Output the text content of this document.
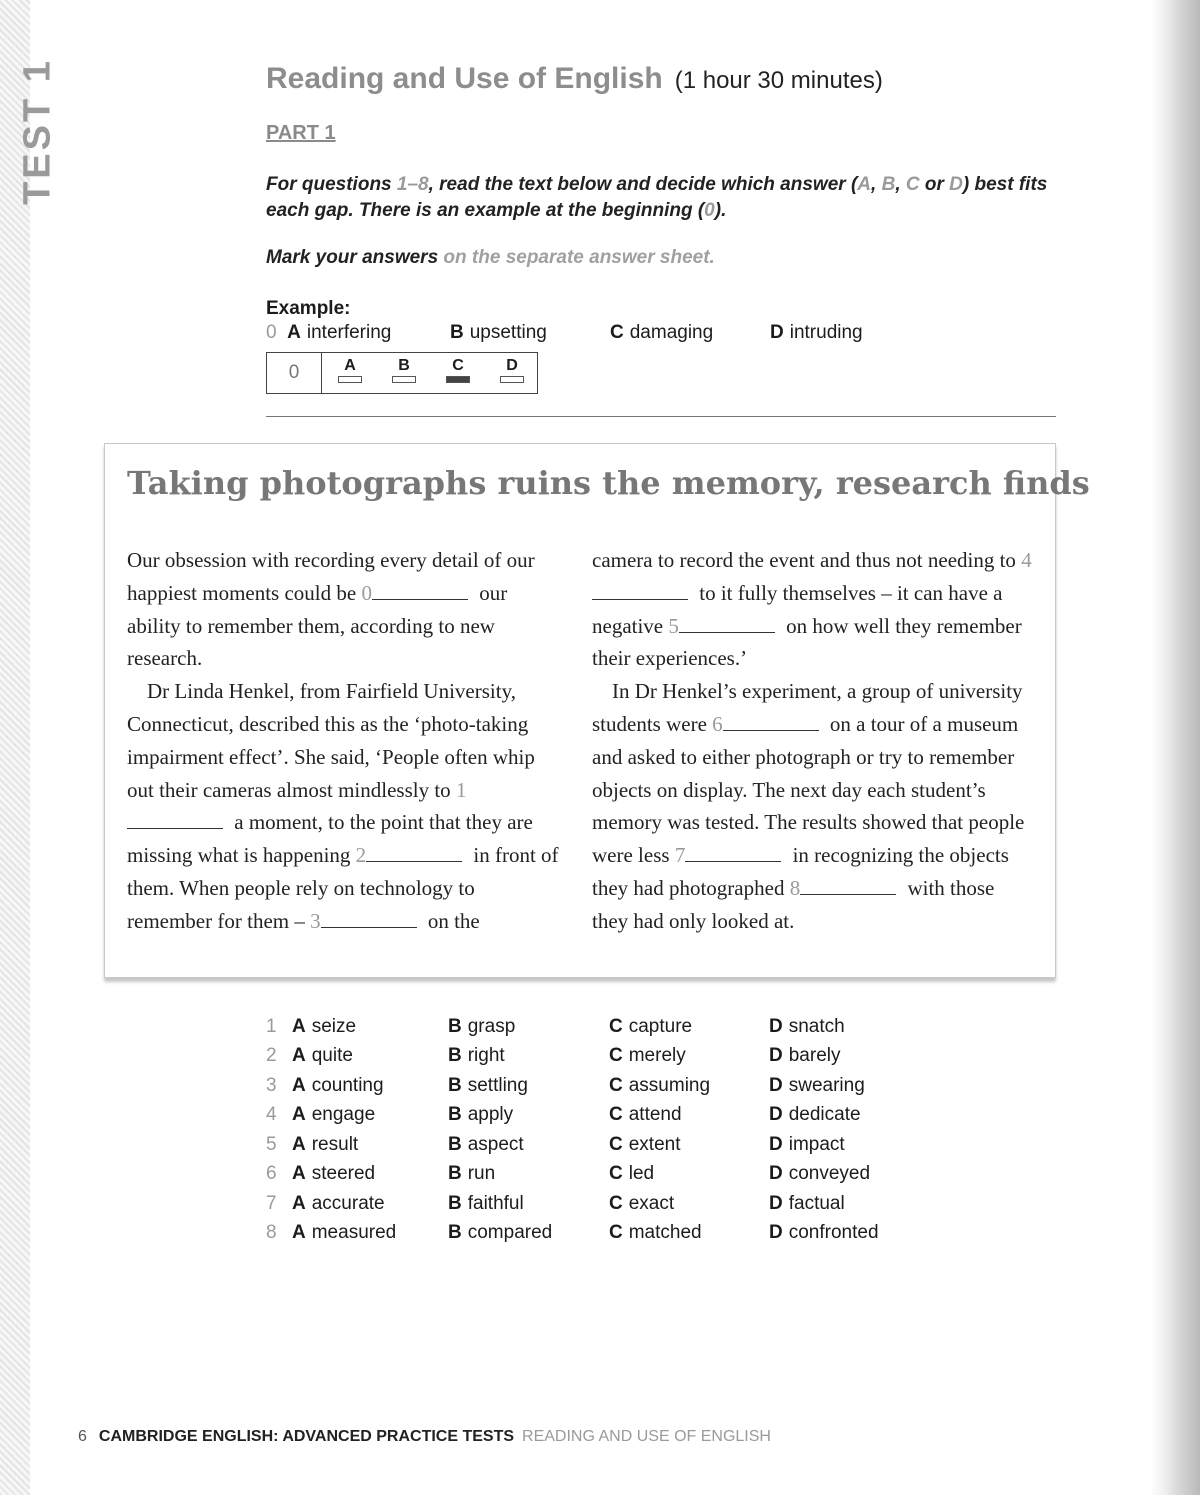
TEST 1	Reading and Use of English (1 hour 30 minutes)
PART 1
For questions 1–8, read the text below and decide which answer (A, B, C or D) best fits each gap. There is an example at the beginning (0).
Mark your answers on the separate answer sheet.
Example:
0 A interfering	B upsetting	C damaging	D intruding
0	A	B	C	D
Taking photographs ruins the memory, research finds

Our obsession with recording every detail of our happiest moments could be 0	our ability to remember them, according to new research.

Dr Linda Henkel, from Fairfield University, Connecticut, described this as the ‘photo-taking impairment effect’. She said, ‘People often whip out their cameras almost mindlessly to 1 a moment, to the point that they are missing what is happening 2	in front of them. When people rely on technology to remember for them – 3	on the

camera to record the event and thus not needing to 4 to it fully themselves – it can have a negative 5	on how well they remember their experiences.’

In Dr Henkel’s experiment, a group of university students were 6	on a tour of a museum and asked to either photograph or try to remember objects on display. The next day each student’s memory was tested. The results showed that people were less 7	in recognizing the objects they had photographed 8	with those they had only looked at.

1 A seize	B grasp	C capture	D snatch
2 A quite	B right	C merely	D barely
3 A counting	B settling	C assuming	D swearing
4 A engage	B apply	C attend	D dedicate
5 A result	B aspect	C extent	D impact
6 A steered	B run	C led	D conveyed
7 A accurate	B faithful	C exact	D factual
8 A measured	B compared	C matched	D confronted
6 CAMBRIDGE ENGLISH: ADVANCED PRACTICE TESTS READING AND USE OF ENGLISH
